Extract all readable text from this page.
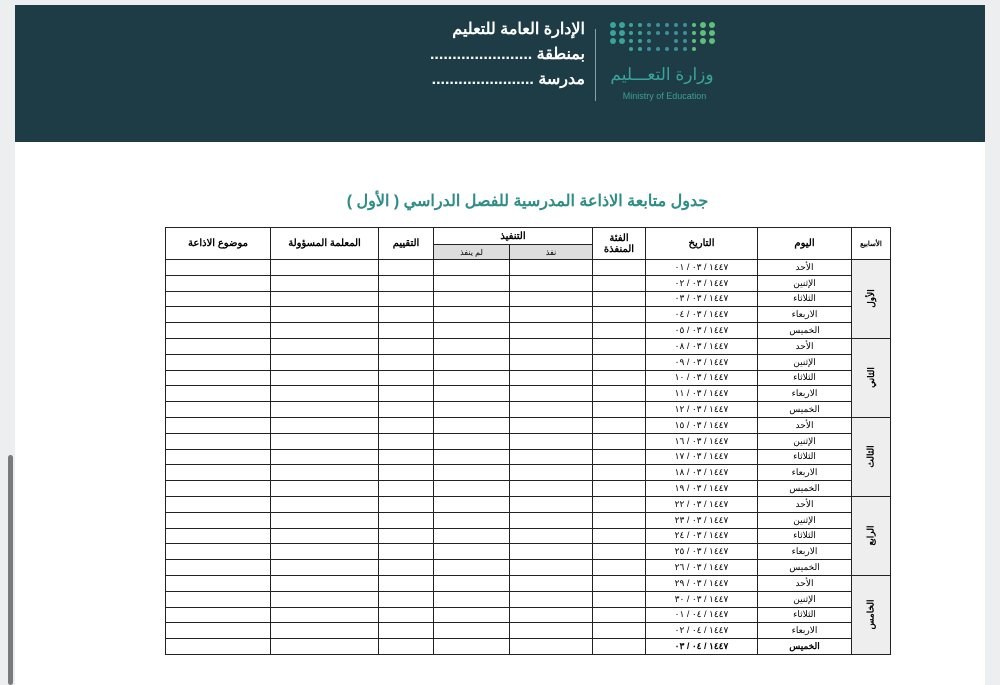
الإدارة العامة للتعليم
بمنطقة .......................
مدرسة ....................... وزارة التعـــليم
Ministry of Education
جدول متابعة الاذاعة المدرسية للفصل الدراسي ( الأول )
الأسابيع	اليوم	التاريخ	الفئة المنفذة	التنفيذ		التقييم	المعلمة المسؤولة	موضوع الاذاعة
				نفذ	لم ينفذ			
الأول	الأحد	١٤٤٧ / ٠٣ / ٠١						
	الإثنين	١٤٤٧ / ٠٣ / ٠٢						
	الثلاثاء	١٤٤٧ / ٠٣ / ٠٣						
	الاربعاء	١٤٤٧ / ٠٣ / ٠٤						
	الخميس	١٤٤٧ / ٠٣ / ٠٥						
الثاني	الأحد	١٤٤٧ / ٠٣ / ٠٨						
	الإثنين	١٤٤٧ / ٠٣ / ٠٩						
	الثلاثاء	١٤٤٧ / ٠٣ / ١٠						
	الاربعاء	١٤٤٧ / ٠٣ / ١١						
	الخميس	١٤٤٧ / ٠٣ / ١٢						
الثالث	الأحد	١٤٤٧ / ٠٣ / ١٥						
	الإثنين	١٤٤٧ / ٠٣ / ١٦						
	الثلاثاء	١٤٤٧ / ٠٣ / ١٧						
	الاربعاء	١٤٤٧ / ٠٣ / ١٨						
	الخميس	١٤٤٧ / ٠٣ / ١٩						
الرابع	الأحد	١٤٤٧ / ٠٣ / ٢٢						
	الإثنين	١٤٤٧ / ٠٣ / ٢٣						
	الثلاثاء	١٤٤٧ / ٠٣ / ٢٤						
	الاربعاء	١٤٤٧ / ٠٣ / ٢٥						
	الخميس	١٤٤٧ / ٠٣ / ٢٦						
الخامس	الأحد	١٤٤٧ / ٠٣ / ٢٩						
	الإثنين	١٤٤٧ / ٠٣ / ٣٠						
	الثلاثاء	١٤٤٧ / ٠٤ / ٠١						
	الاربعاء	١٤٤٧ / ٠٤ / ٠٢						
	الخميس	١٤٤٧ / ٠٤ / ٠٣						
